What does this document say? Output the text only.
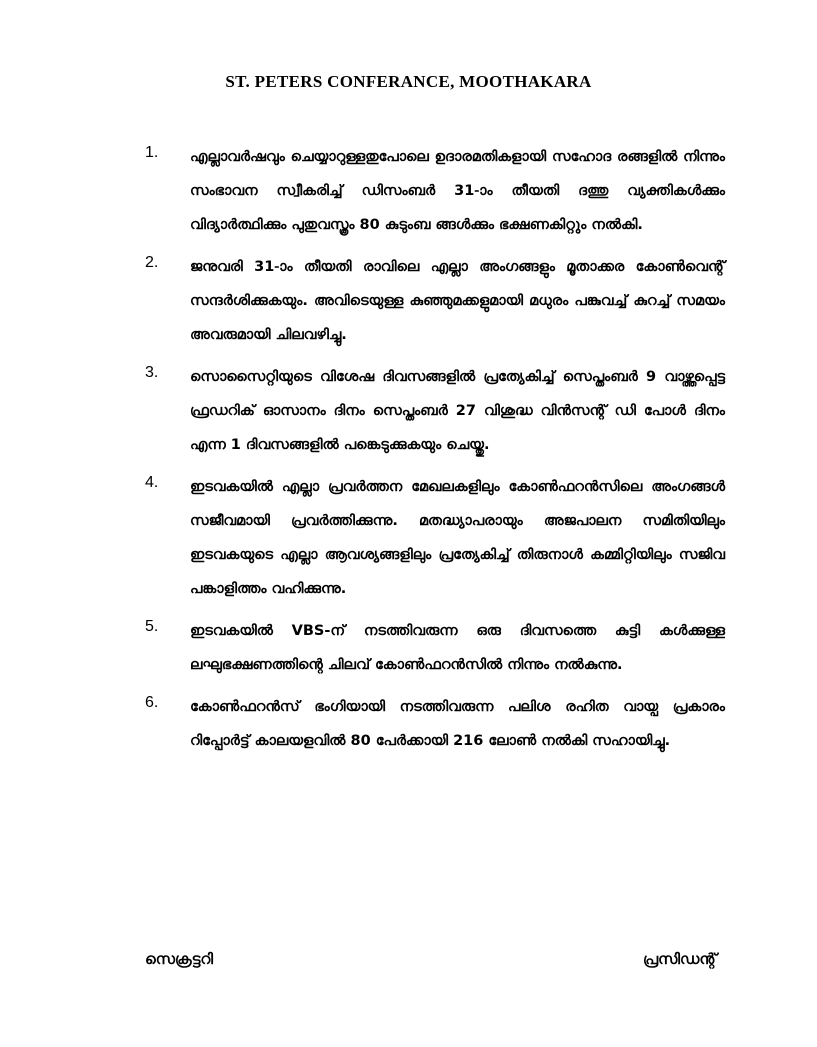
ST. PETERS CONFERANCE, MOOTHAKARA
1. എല്ലാവർഷവും ചെയ്യാറുള്ളതുപോലെ ഉദാരമതികളായി സഹോദ രങ്ങളിൽ നിന്നും സംഭാവന സ്വീകരിച്ച് ഡിസംബർ 31-ാം തീയതി ദത്തു വ്യക്തികൾക്കും വിദ്യാർത്ഥിക്കും പുതുവസ്ത്രം 80 കുടുംബ ങ്ങൾക്കും ഭക്ഷണകിറ്റും നൽകി.
2. ജനുവരി 31-ാം തീയതി രാവിലെ എല്ലാ അംഗങ്ങളും മൂതാക്കര കോൺവെന്റ് സന്ദർശിക്കുകയും. അവിടെയുള്ള കുഞ്ഞുമക്കളുമായി മധുരം പങ്കുവച്ച് കുറച്ച് സമയം അവരുമായി ചിലവഴിച്ചു.
3. സൊസൈറ്റിയുടെ വിശേഷ ദിവസങ്ങളിൽ പ്രത്യേകിച്ച് സെപ്തംബർ 9 വാഴ്ത്തപ്പെട്ട ഫ്രഡറിക് ഓസാനം ദിനം സെപ്തംബർ 27 വിശുദ്ധ വിൻസന്റ് ഡി പോൾ ദിനം എന്ന 1 ദിവസങ്ങളിൽ പങ്കെടുക്കുകയും ചെയ്തു.
4. ഇടവകയിൽ എല്ലാ പ്രവർത്തന മേഖലകളിലും കോൺഫറൻസിലെ അംഗങ്ങൾ സജീവമായി പ്രവർത്തിക്കുന്നു. മതദ്ധ്യാപരായും അജപാലന സമിതിയിലും ഇടവകയുടെ എല്ലാ ആവശ്യങ്ങളിലും പ്രത്യേകിച്ച് തിരുനാൾ കമ്മിറ്റിയിലും സജിവ പങ്കാളിത്തം വഹിക്കുന്നു.
5. ഇടവകയിൽ VBS-ന് നടത്തിവരുന്ന ഒരു ദിവസത്തെ കുട്ടി കൾക്കുള്ള ലഘുഭക്ഷണത്തിന്റെ ചിലവ് കോൺഫറൻസിൽ നിന്നും നൽകുന്നു.
6. കോൺഫറൻസ് ഭംഗിയായി നടത്തിവരുന്ന പലിശ രഹിത വായ്പ പ്രകാരം റിപ്പോർട്ട് കാലയളവിൽ 80 പേർക്കായി 216 ലോൺ നൽകി സഹായിച്ചു.

സെക്രട്ടറി	പ്രസിഡന്റ്
